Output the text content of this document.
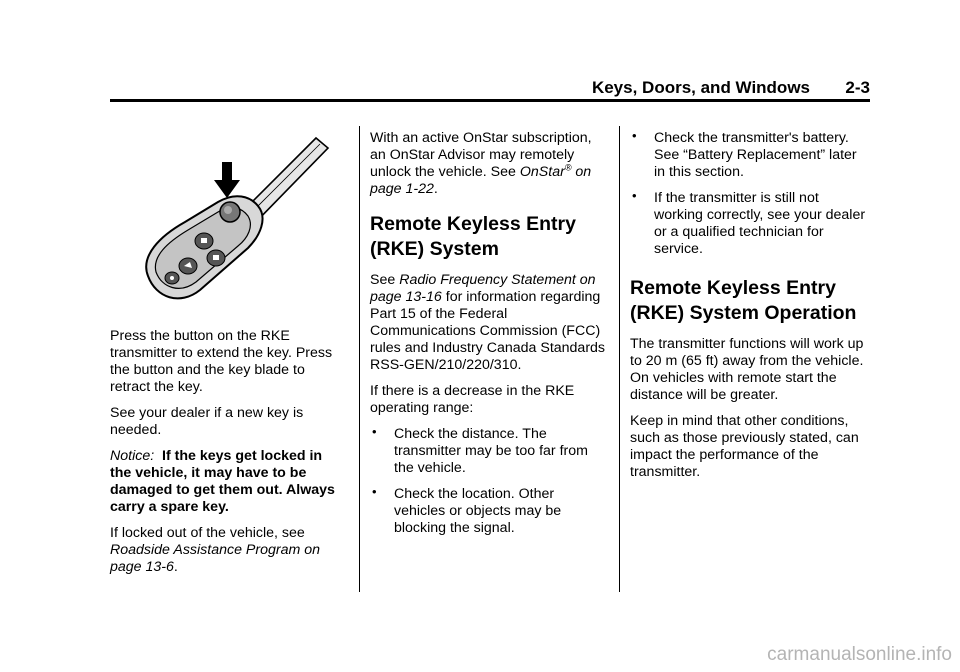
Keys, Doors, and Windows 2-3

Press the button on the RKE transmitter to extend the key. Press the button and the key blade to retract the key.

See your dealer if a new key is needed.

Notice: If the keys get locked in the vehicle, it may have to be damaged to get them out. Always carry a spare key.

If locked out of the vehicle, see Roadside Assistance Program on page 13-6.

With an active OnStar subscription, an OnStar Advisor may remotely unlock the vehicle. See OnStar® on page 1-22.

Remote Keyless Entry (RKE) System

See Radio Frequency Statement on page 13-16 for information regarding Part 15 of the Federal Communications Commission (FCC) rules and Industry Canada Standards RSS-GEN/210/220/310.

If there is a decrease in the RKE operating range:

• Check the distance. The transmitter may be too far from the vehicle.
• Check the location. Other vehicles or objects may be blocking the signal.
• Check the transmitter's battery. See “Battery Replacement” later in this section.
• If the transmitter is still not working correctly, see your dealer or a qualified technician for service.
Remote Keyless Entry (RKE) System Operation

The transmitter functions will work up to 20 m (65 ft) away from the vehicle. On vehicles with remote start the distance will be greater.

Keep in mind that other conditions, such as those previously stated, can impact the performance of the transmitter.

carmanualsonline.info
